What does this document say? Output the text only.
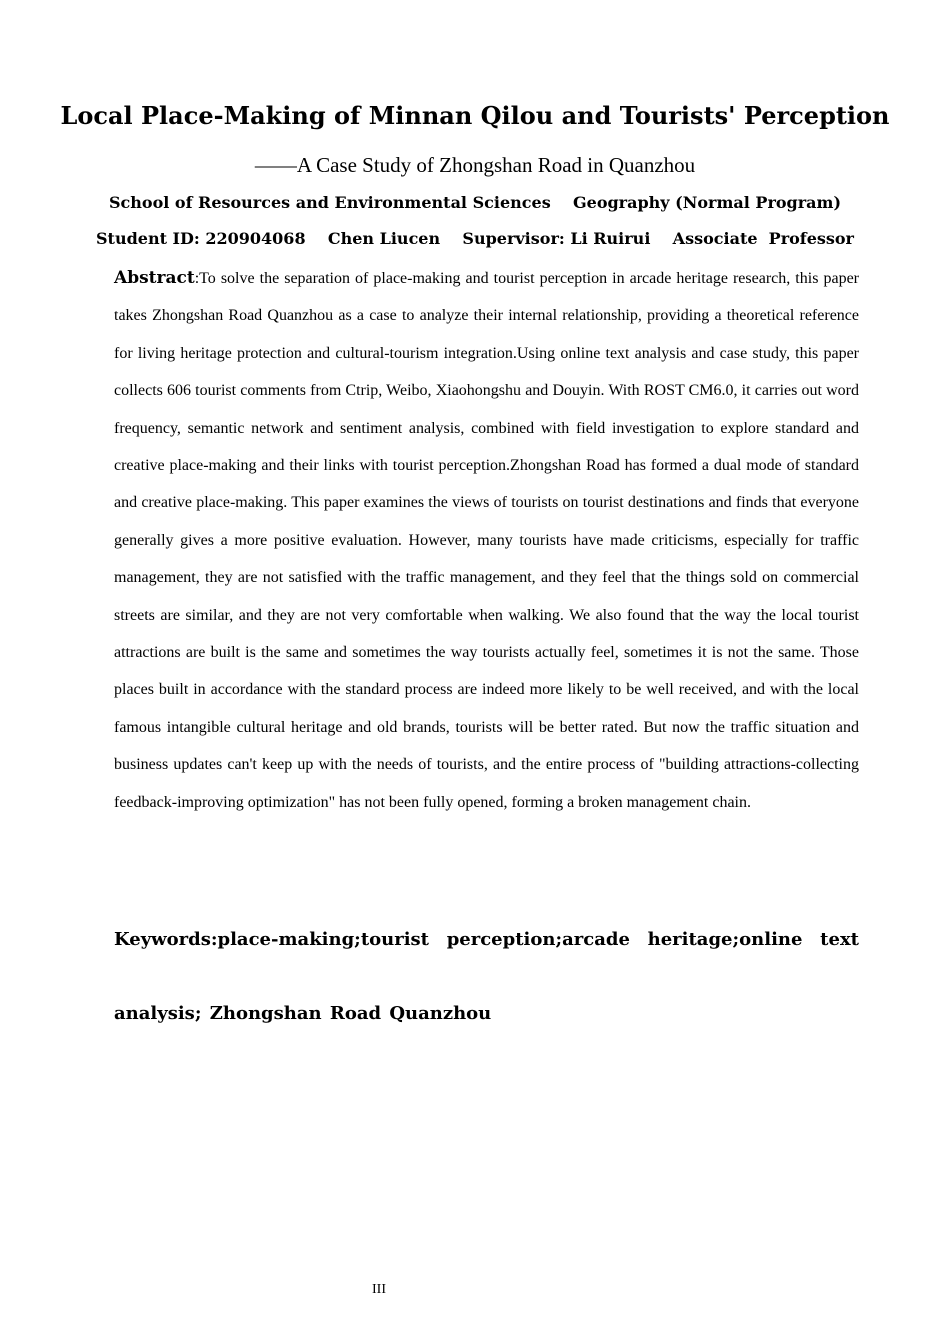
Local Place-Making of Minnan Qilou and Tourists' Perception
——A Case Study of Zhongshan Road in Quanzhou
School of Resources and Environmental Sciences    Geography (Normal Program)
Student ID: 220904068    Chen Liucen    Supervisor: Li Ruirui    Associate  Professor

Abstract:To solve the separation of place-making and tourist perception in arcade heritage research, this paper takes Zhongshan Road Quanzhou as a case to analyze their internal relationship, providing a theoretical reference for living heritage protection and cultural-tourism integration.Using online text analysis and case study, this paper collects 606 tourist comments from Ctrip, Weibo, Xiaohongshu and Douyin. With ROST CM6.0, it carries out word frequency, semantic network and sentiment analysis, combined with field investigation to explore standard and creative place-making and their links with tourist perception.Zhongshan Road has formed a dual mode of standard and creative place-making. This paper examines the views of tourists on tourist destinations and finds that everyone generally gives a more positive evaluation. However, many tourists have made criticisms, especially for traffic management, they are not satisfied with the traffic management, and they feel that the things sold on commercial streets are similar, and they are not very comfortable when walking. We also found that the way the local tourist attractions are built is the same and sometimes the way tourists actually feel, sometimes it is not the same. Those places built in accordance with the standard process are indeed more likely to be well received, and with the local famous intangible cultural heritage and old brands, tourists will be better rated. But now the traffic situation and business updates can't keep up with the needs of tourists, and the entire process of "building attractions-collecting feedback-improving optimization" has not been fully opened, forming a broken management chain.

Keywords:place-making;tourist perception;arcade heritage;online text analysis; Zhongshan Road Quanzhou

III
